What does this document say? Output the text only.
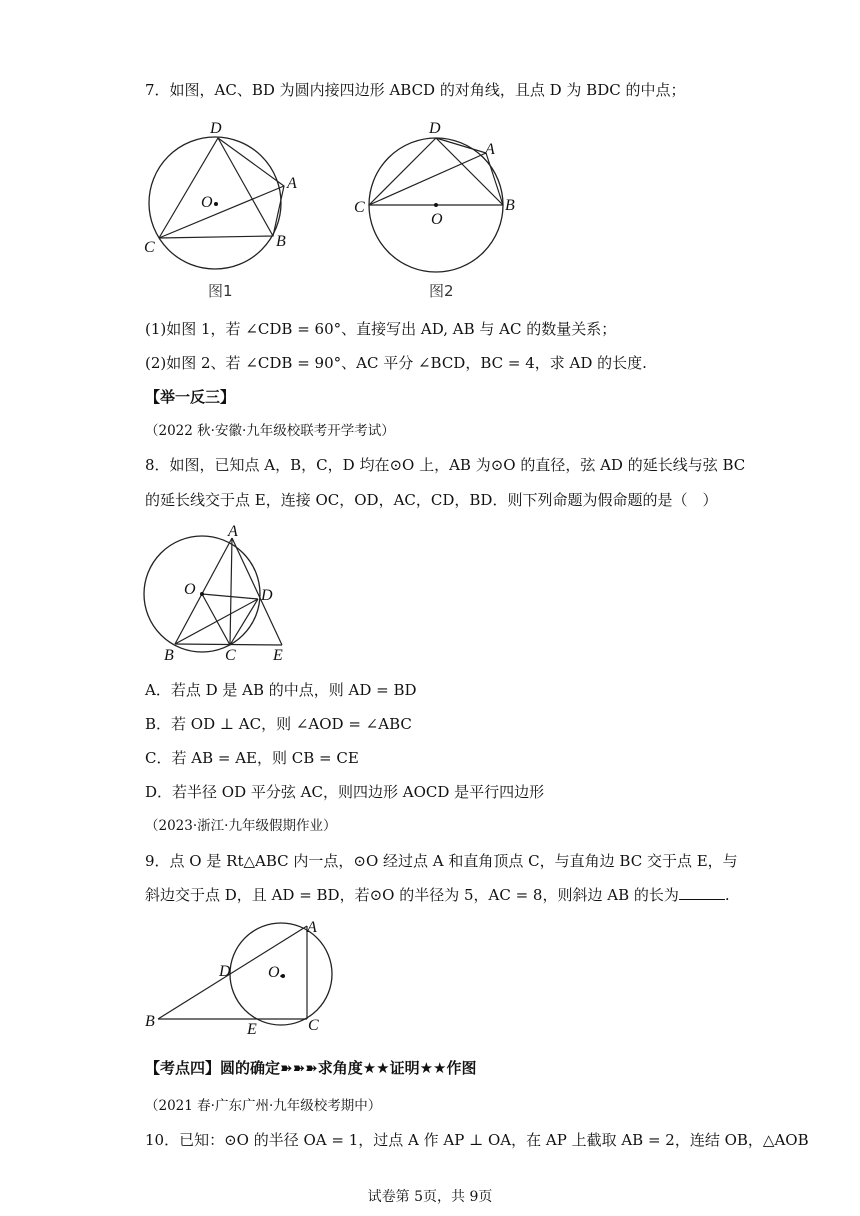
7．如图，AC、BD 为圆内接四边形 ABCD 的对角线，且点 D 为 BDC 的中点；
D
A
B
C
O
图1
D
A
B
C
O
图2
(1)如图 1，若 ∠CDB = 60°、直接写出 AD, AB 与 AC 的数量关系；
(2)如图 2、若 ∠CDB = 90°、AC 平分 ∠BCD，BC = 4，求 AD 的长度.
【举一反三】
（2022 秋·安徽·九年级校联考开学考试）
8．如图，已知点 A，B，C，D 均在⊙O 上，AB 为⊙O 的直径，弦 AD 的延长线与弦 BC
的延长线交于点 E，连接 OC，OD，AC，CD，BD．则下列命题为假命题的是（　）
A
O	D
B	C E
A．若点 D 是 AB 的中点，则 AD = BD
B．若 OD ⊥ AC，则 ∠AOD = ∠ABC
C．若 AB = AE，则 CB = CE
D．若半径 OD 平分弦 AC，则四边形 AOCD 是平行四边形
（2023·浙江·九年级假期作业）
9．点 O 是 Rt△ABC 内一点，⊙O 经过点 A 和直角顶点 C，与直角边 BC 交于点 E，与
斜边交于点 D，且 AD = BD，若⊙O 的半径为 5，AC = 8，则斜边 AB 的长为	.
A
D O.
B	E	C
【考点四】圆的确定➽➽➽求角度★★证明★★作图
（2021 春·广东广州·九年级校考期中）
10．已知：⊙O 的半径 OA = 1，过点 A 作 AP ⊥ OA，在 AP 上截取 AB = 2，连结 OB，△AOB
试卷第 5页，共 9页
